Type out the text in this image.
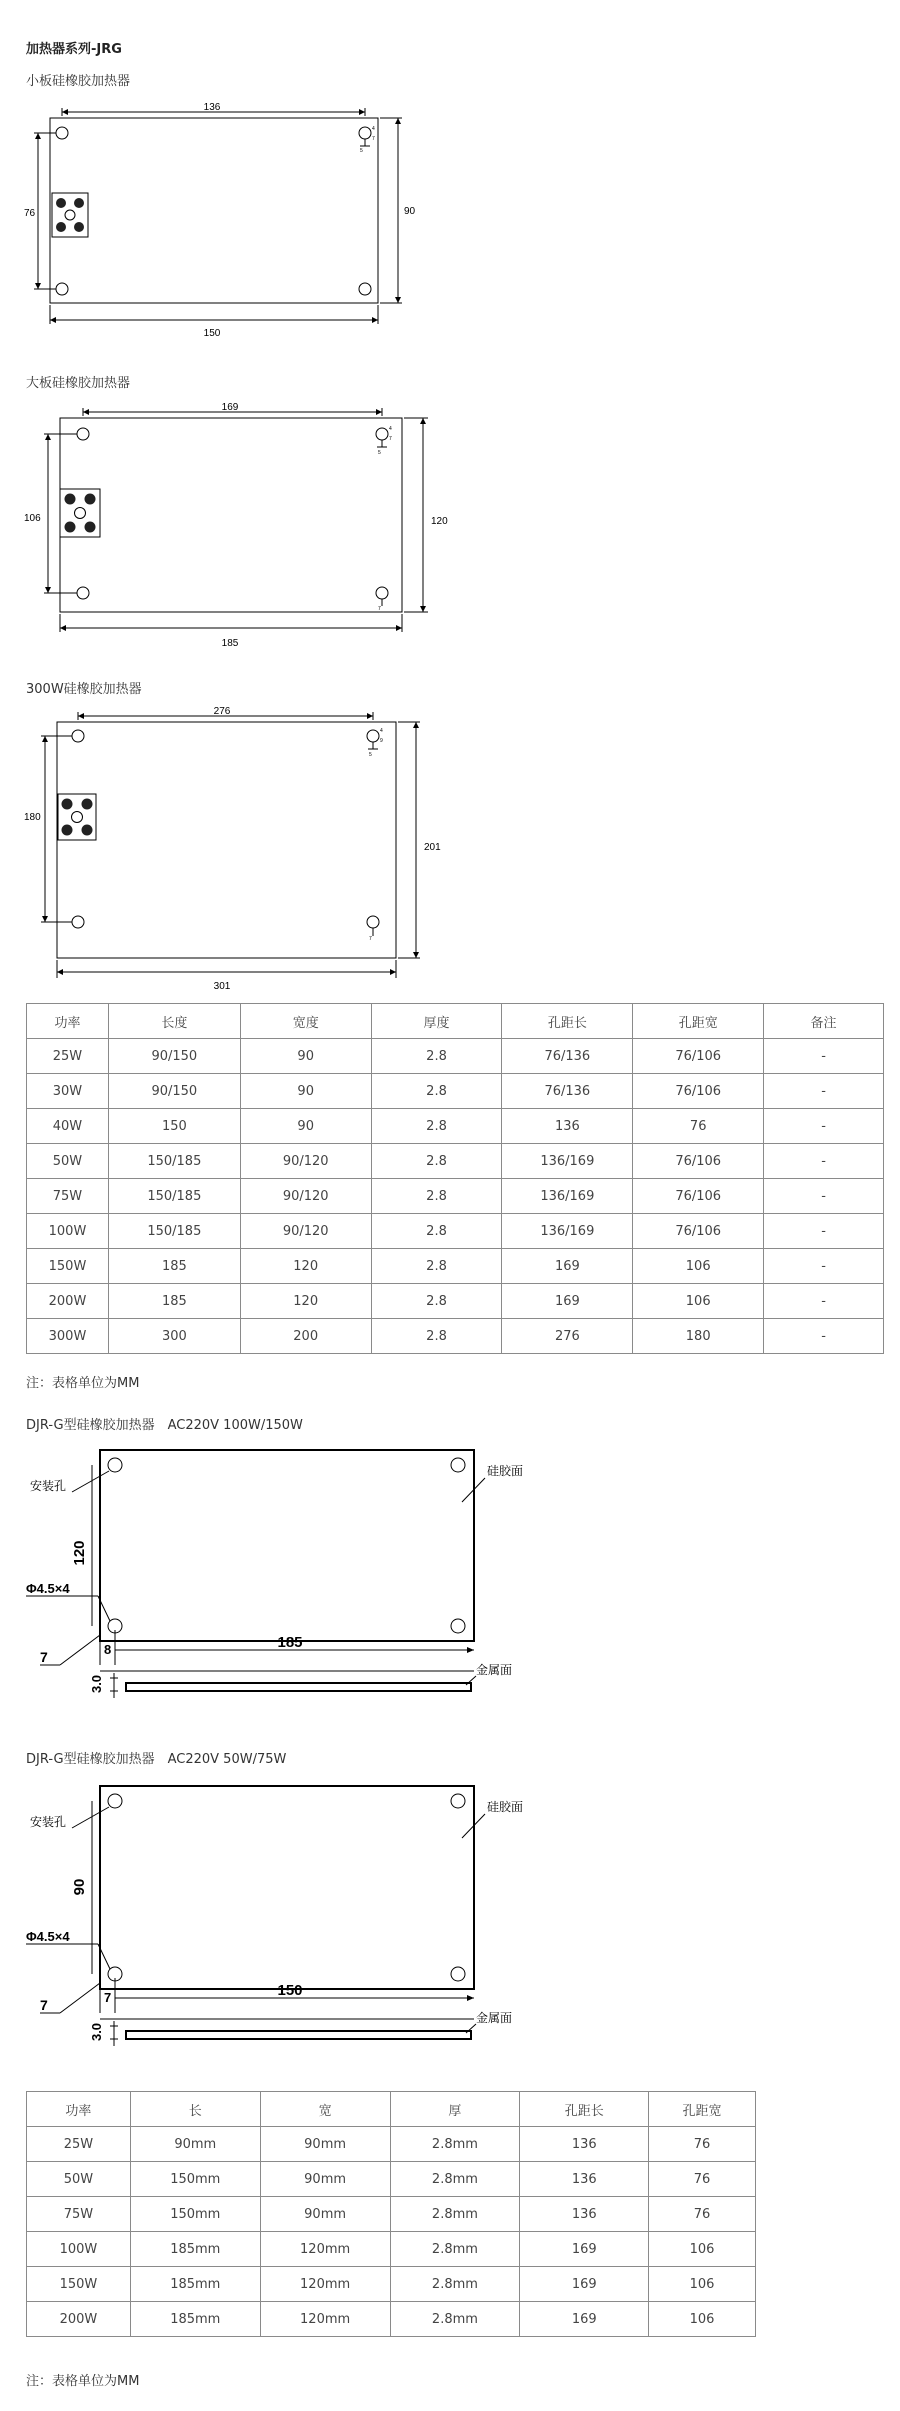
加热器系列-JRG
小板硅橡胶加热器
136
5
4
7
76	90
150
大板硅橡胶加热器
169
5
4
7
7
106	120
185
300W硅橡胶加热器
276
5
4
9
7
180
201
301
功率	长度	宽度	厚度	孔距长	孔距宽	备注
25W	90/150	90	2.8	76/136	76/106	-
30W	90/150	90	2.8	76/136	76/106	-
40W	150	90	2.8	136	76	-
50W	150/185	90/120	2.8	136/169	76/106	-
75W	150/185	90/120	2.8	136/169	76/106	-
100W	150/185	90/120	2.8	136/169	76/106	-
150W	185	120	2.8	169	106	-
200W	185	120	2.8	169	106	-
300W	300	200	2.8	276	180	-
注：表格单位为MM
DJR-G型硅橡胶加热器　AC220V 100W/150W
120
安装孔
硅胶面
Φ4.5×4
7	8	185
3.0
金属面
DJR-G型硅橡胶加热器　AC220V 50W/75W
90
安装孔
硅胶面
Φ4.5×4
7	7	150
3.0
金属面
功率	长	宽	厚	孔距长	孔距宽
25W	90mm	90mm	2.8mm	136	76
50W	150mm	90mm	2.8mm	136	76
75W	150mm	90mm	2.8mm	136	76
100W	185mm	120mm	2.8mm	169	106
150W	185mm	120mm	2.8mm	169	106
200W	185mm	120mm	2.8mm	169	106
注：表格单位为MM
